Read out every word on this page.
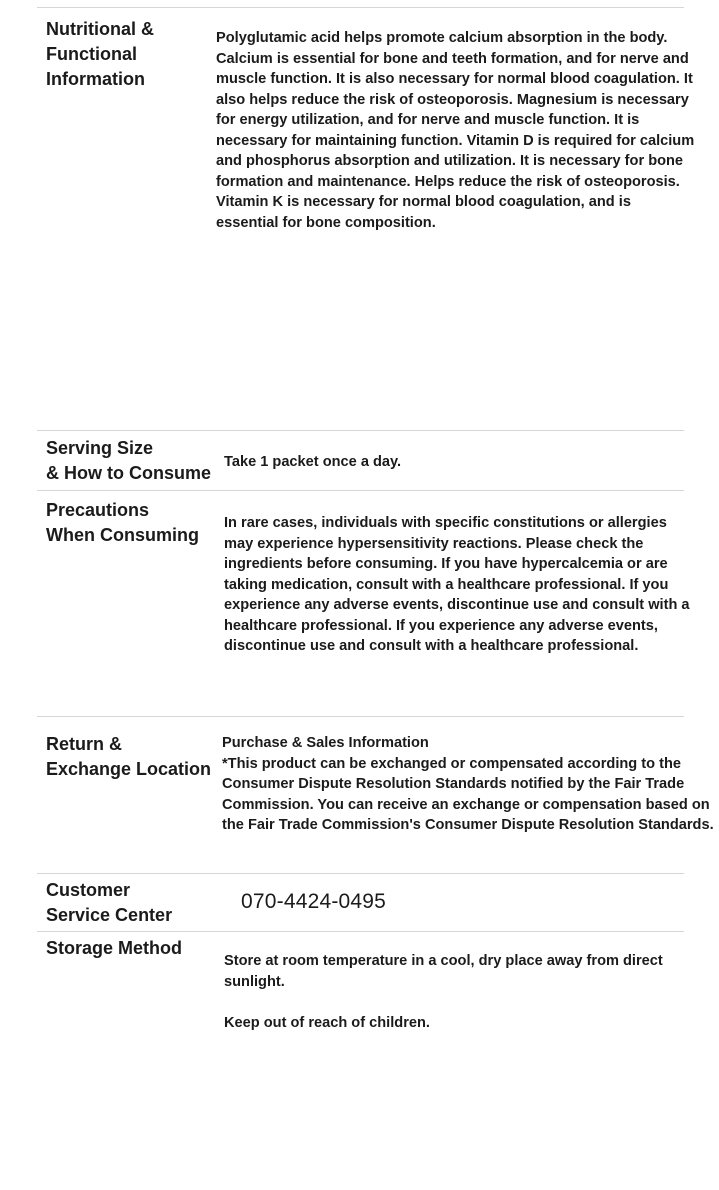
Nutritional &
Functional
Information
Polyglutamic acid helps promote calcium absorption in the body. Calcium is essential for bone and teeth formation, and for nerve and muscle function. It is also necessary for normal blood coagulation. It also helps reduce the risk of osteoporosis. Magnesium is necessary for energy utilization, and for nerve and muscle function. It is necessary for maintaining function. Vitamin D is required for calcium and phosphorus absorption and utilization. It is necessary for bone formation and maintenance. Helps reduce the risk of osteoporosis. Vitamin K is necessary for normal blood coagulation, and is essential for bone composition.
Serving Size
& How to Consume
Take 1 packet once a day.
Precautions
When Consuming
In rare cases, individuals with specific constitutions or allergies may experience hypersensitivity reactions. Please check the ingredients before consuming. If you have hypercalcemia or are taking medication, consult with a healthcare professional. If you experience any adverse events, discontinue use and consult with a healthcare professional. If you experience any adverse events, discontinue use and consult with a healthcare professional.
Return &
Exchange Location

Purchase & Sales Information

*This product can be exchanged or compensated according to the Consumer Dispute Resolution Standards notified by the Fair Trade Commission. You can receive an exchange or compensation based on the Fair Trade Commission's Consumer Dispute Resolution Standards.

Customer
Service Center
070-4424-0495
Storage Method

Store at room temperature in a cool, dry place away from direct sunlight.

Keep out of reach of children.
